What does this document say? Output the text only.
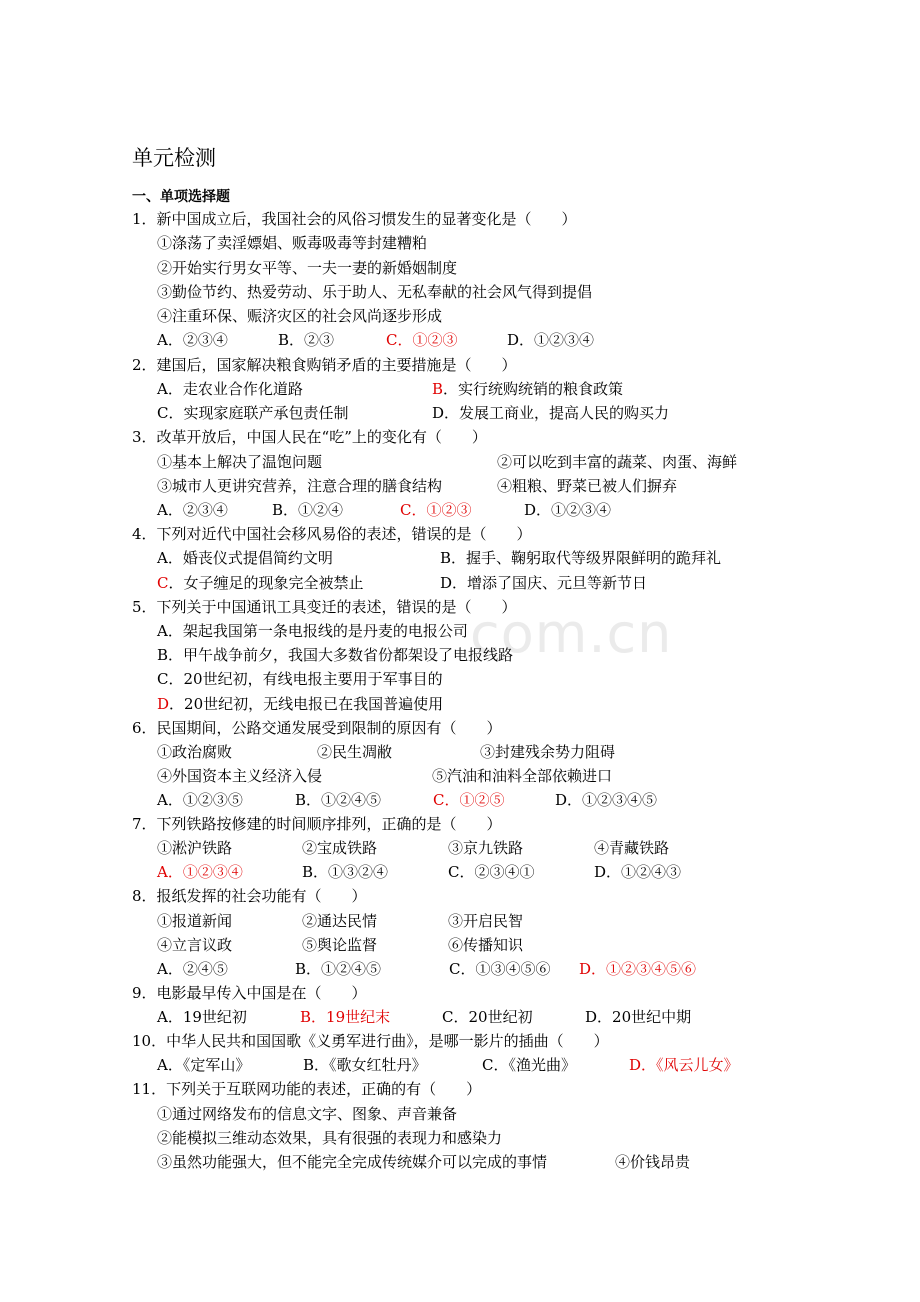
com.cn
单元检测
一、单项选择题
1．新中国成立后，我国社会的风俗习惯发生的显著变化是（　　）
①涤荡了卖淫嫖娼、贩毒吸毒等封建糟粕
②开始实行男女平等、一夫一妻的新婚姻制度
③勤俭节约、热爱劳动、乐于助人、无私奉献的社会风气得到提倡
④注重环保、赈济灾区的社会风尚逐步形成
A．②③④	B．②③	C．①②③	D．①②③④
2．建国后，国家解决粮食购销矛盾的主要措施是（　　）
A．走农业合作化道路	B．实行统购统销的粮食政策
C．实现家庭联产承包责任制	D．发展工商业，提高人民的购买力
3．改革开放后，中国人民在“吃”上的变化有（　　）
①基本上解决了温饱问题	②可以吃到丰富的蔬菜、肉蛋、海鲜
③城市人更讲究营养，注意合理的膳食结构	④粗粮、野菜已被人们摒弃
A．②③④	B．①②④	C．①②③	D．①②③④
4．下列对近代中国社会移风易俗的表述，错误的是（　　）
A．婚丧仪式提倡简约文明	B．握手、鞠躬取代等级界限鲜明的跪拜礼
C．女子缠足的现象完全被禁止	D．增添了国庆、元旦等新节日
5．下列关于中国通讯工具变迁的表述，错误的是（　　）
A．架起我国第一条电报线的是丹麦的电报公司
B．甲午战争前夕，我国大多数省份都架设了电报线路
C．20世纪初，有线电报主要用于军事目的
D．20世纪初，无线电报已在我国普遍使用
6．民国期间，公路交通发展受到限制的原因有（　　）
①政治腐败	②民生凋敝	③封建残余势力阻碍
④外国资本主义经济入侵	⑤汽油和油料全部依赖进口
A．①②③⑤	B．①②④⑤	C．①②⑤	D．①②③④⑤
7．下列铁路按修建的时间顺序排列，正确的是（　　）
①淞沪铁路	②宝成铁路	③京九铁路	④青藏铁路
A．①②③④	B．①③②④	C．②③④①	D．①②④③
8．报纸发挥的社会功能有（　　）
①报道新闻	②通达民情	③开启民智
④立言议政	⑤舆论监督	⑥传播知识
A．②④⑤	B．①②④⑤	C．①③④⑤⑥ D．①②③④⑤⑥
9．电影最早传入中国是在（　　）
A．19世纪初	B．19世纪末	C．20世纪初	D．20世纪中期
10．中华人民共和国国歌《义勇军进行曲》，是哪一影片的插曲（　　）
A．《定军山》	B．《歌女红牡丹》	C．《渔光曲》	D．《风云儿女》
11．下列关于互联网功能的表述，正确的有（　　）
①通过网络发布的信息文字、图象、声音兼备
②能模拟三维动态效果，具有很强的表现力和感染力
③虽然功能强大，但不能完全完成传统媒介可以完成的事情	④价钱昂贵
